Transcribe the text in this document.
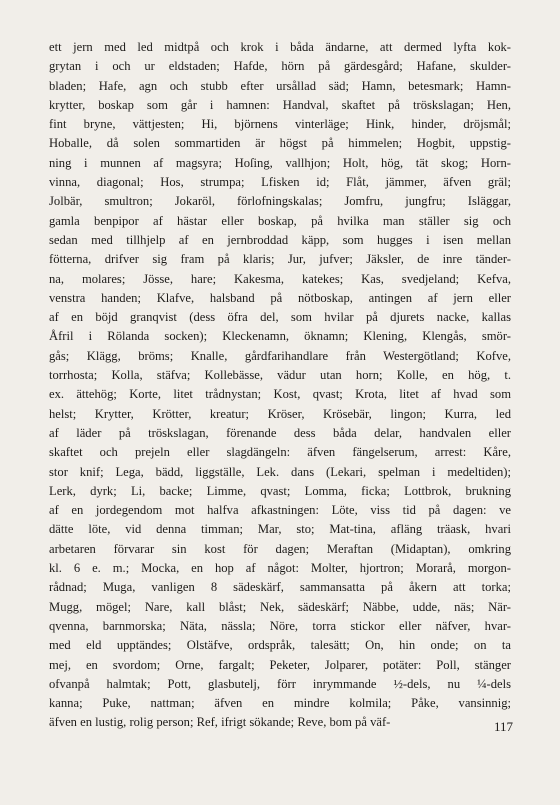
ett jern med led midtpå och krok i båda ändarne, att dermed lyfta kok-
grytan i och ur eldstaden; Hafde, hörn på gärdesgård; Hafane, skulder-
bladen; Hafe, agn och stubb efter ursållad säd; Hamn, betesmark; Hamn-
krytter, boskap som går i hamnen: Handval, skaftet på tröskslagan; Hen,
fint bryne, vättjesten; Hi, björnens vinterläge; Hink, hinder, dröjsmål;
Hoballe, då solen sommartiden är högst på himmelen; Hogbit, uppstig-
ning i munnen af magsyra; Hoſing, vallhjon; Holt, hög, tät skog; Horn-
vinna, diagonal; Hos, strumpa; Lfisken id; Flåt, jämmer, äfven gräl;
Jolbär, smultron; Jokaröl, förlofningskalas; Jomfru, jungfru; Isläggar,
gamla benpipor af hästar eller boskap, på hvilka man ställer sig och
sedan med tillhjelp af en jernbroddad käpp, som hugges i isen mellan
fötterna, drifver sig fram på klaris; Jur, jufver; Jäksler, de inre tänder-
na, molares; Jösse, hare; Kakesma, katekes; Kas, svedjeland; Kefva,
venstra handen; Klafve, halsband på nötboskap, antingen af jern eller
af en böjd granqvist (dess öfra del, som hvilar på djurets nacke, kallas
Åfril i Rölanda socken); Kleckenamn, öknamn; Klening, Klengås, smör-
gås; Klägg, bröms; Knalle, gårdfarihandlare från Westergötland; Kofve,
torrhosta; Kolla, stäfva; Kollebässe, vädur utan horn; Kolle, en hög, t.
ex. ättehög; Korte, litet trådnystan; Kost, qvast; Krota, litet af hvad som
helst; Krytter, Krötter, kreatur; Kröser, Krösebär, lingon; Kurra, led
af läder på tröskslagan, förenande dess båda delar, handvalen eller
skaftet och prejeln eller slagdängeln: äfven fängelserum, arrest: Kåre,
stor knif; Lega, bädd, liggställe, Lek. dans (Lekari, spelman i medeltiden);
Lerk, dyrk; Li, backe; Limme, qvast; Lomma, ficka; Lottbrok, brukning
af en jordegendom mot halfva afkastningen: Löte, viss tid på dagen: ve
dätte löte, vid denna timman; Mar, sto; Mat-tina, afläng träask, hvari
arbetaren förvarar sin kost för dagen; Meraftan (Midaptan), omkring
kl. 6 e. m.; Mocka, en hop af något: Molter, hjortron; Morarå, morgon-
rådnad; Muga, vanligen 8 sädeskärf, sammansatta på åkern att torka;
Mugg, mögel; Nare, kall blåst; Nek, sädeskärf; Näbbe, udde, näs; När-
qvenna, barnmorska; Näta, nässla; Nöre, torra stickor eller näfver, hvar-
med eld upptändes; Olstäfve, ordspråk, talesätt; On, hin onde; on ta
mej, en svordom; Orne, fargalt; Peketer, Jolparer, potäter: Poll, stänger
ofvanpå halmtak; Pott, glasbutelj, förr inrymmande ½-dels, nu ¼-dels
kanna; Puke, nattman; äfven en mindre kolmila; Påke, vansinnig;
äfven en lustig, rolig person; Ref, ifrigt sökande; Reve, bom på väf-	117
